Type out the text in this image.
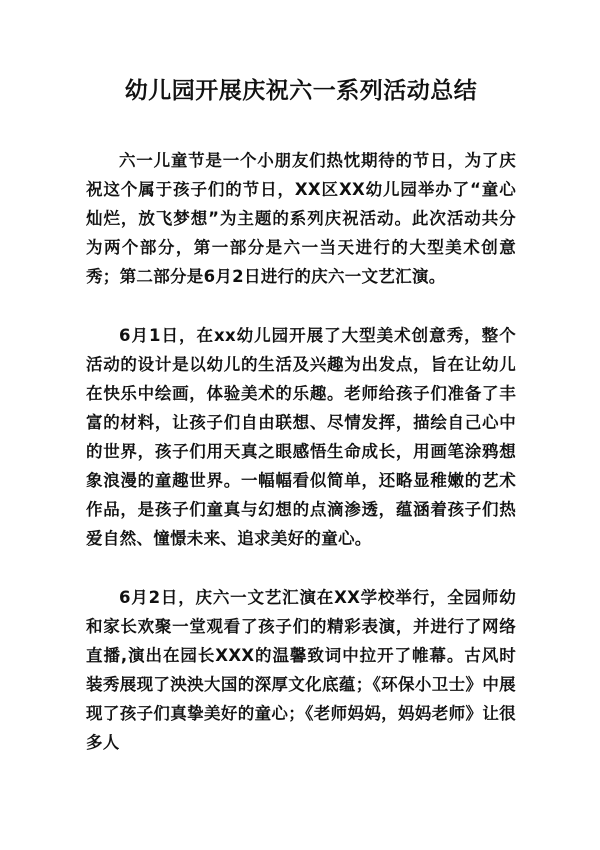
幼儿园开展庆祝六一系列活动总结

六一儿童节是一个小朋友们热忱期待的节日，为了庆祝这个属于孩子们的节日，XX区XX幼儿园举办了“童心灿烂，放飞梦想”为主题的系列庆祝活动。此次活动共分为两个部分，第一部分是六一当天进行的大型美术创意秀；第二部分是6月2日进行的庆六一文艺汇演。

6月1日，在xx幼儿园开展了大型美术创意秀，整个活动的设计是以幼儿的生活及兴趣为出发点，旨在让幼儿在快乐中绘画，体验美术的乐趣。老师给孩子们准备了丰富的材料，让孩子们自由联想、尽情发挥，描绘自己心中的世界，孩子们用天真之眼感悟生命成长，用画笔涂鸦想象浪漫的童趣世界。一幅幅看似简单，还略显稚嫩的艺术作品，是孩子们童真与幻想的点滴渗透，蕴涵着孩子们热爱自然、憧憬未来、追求美好的童心。

6月2日，庆六一文艺汇演在XX学校举行，全园师幼和家长欢聚一堂观看了孩子们的精彩表演，并进行了网络直播,演出在园长XXX的温馨致词中拉开了帷幕。古风时装秀展现了泱泱大国的深厚文化底蕴；《环保小卫士》中展现了孩子们真挚美好的童心；《老师妈妈，妈妈老师》让很多人
